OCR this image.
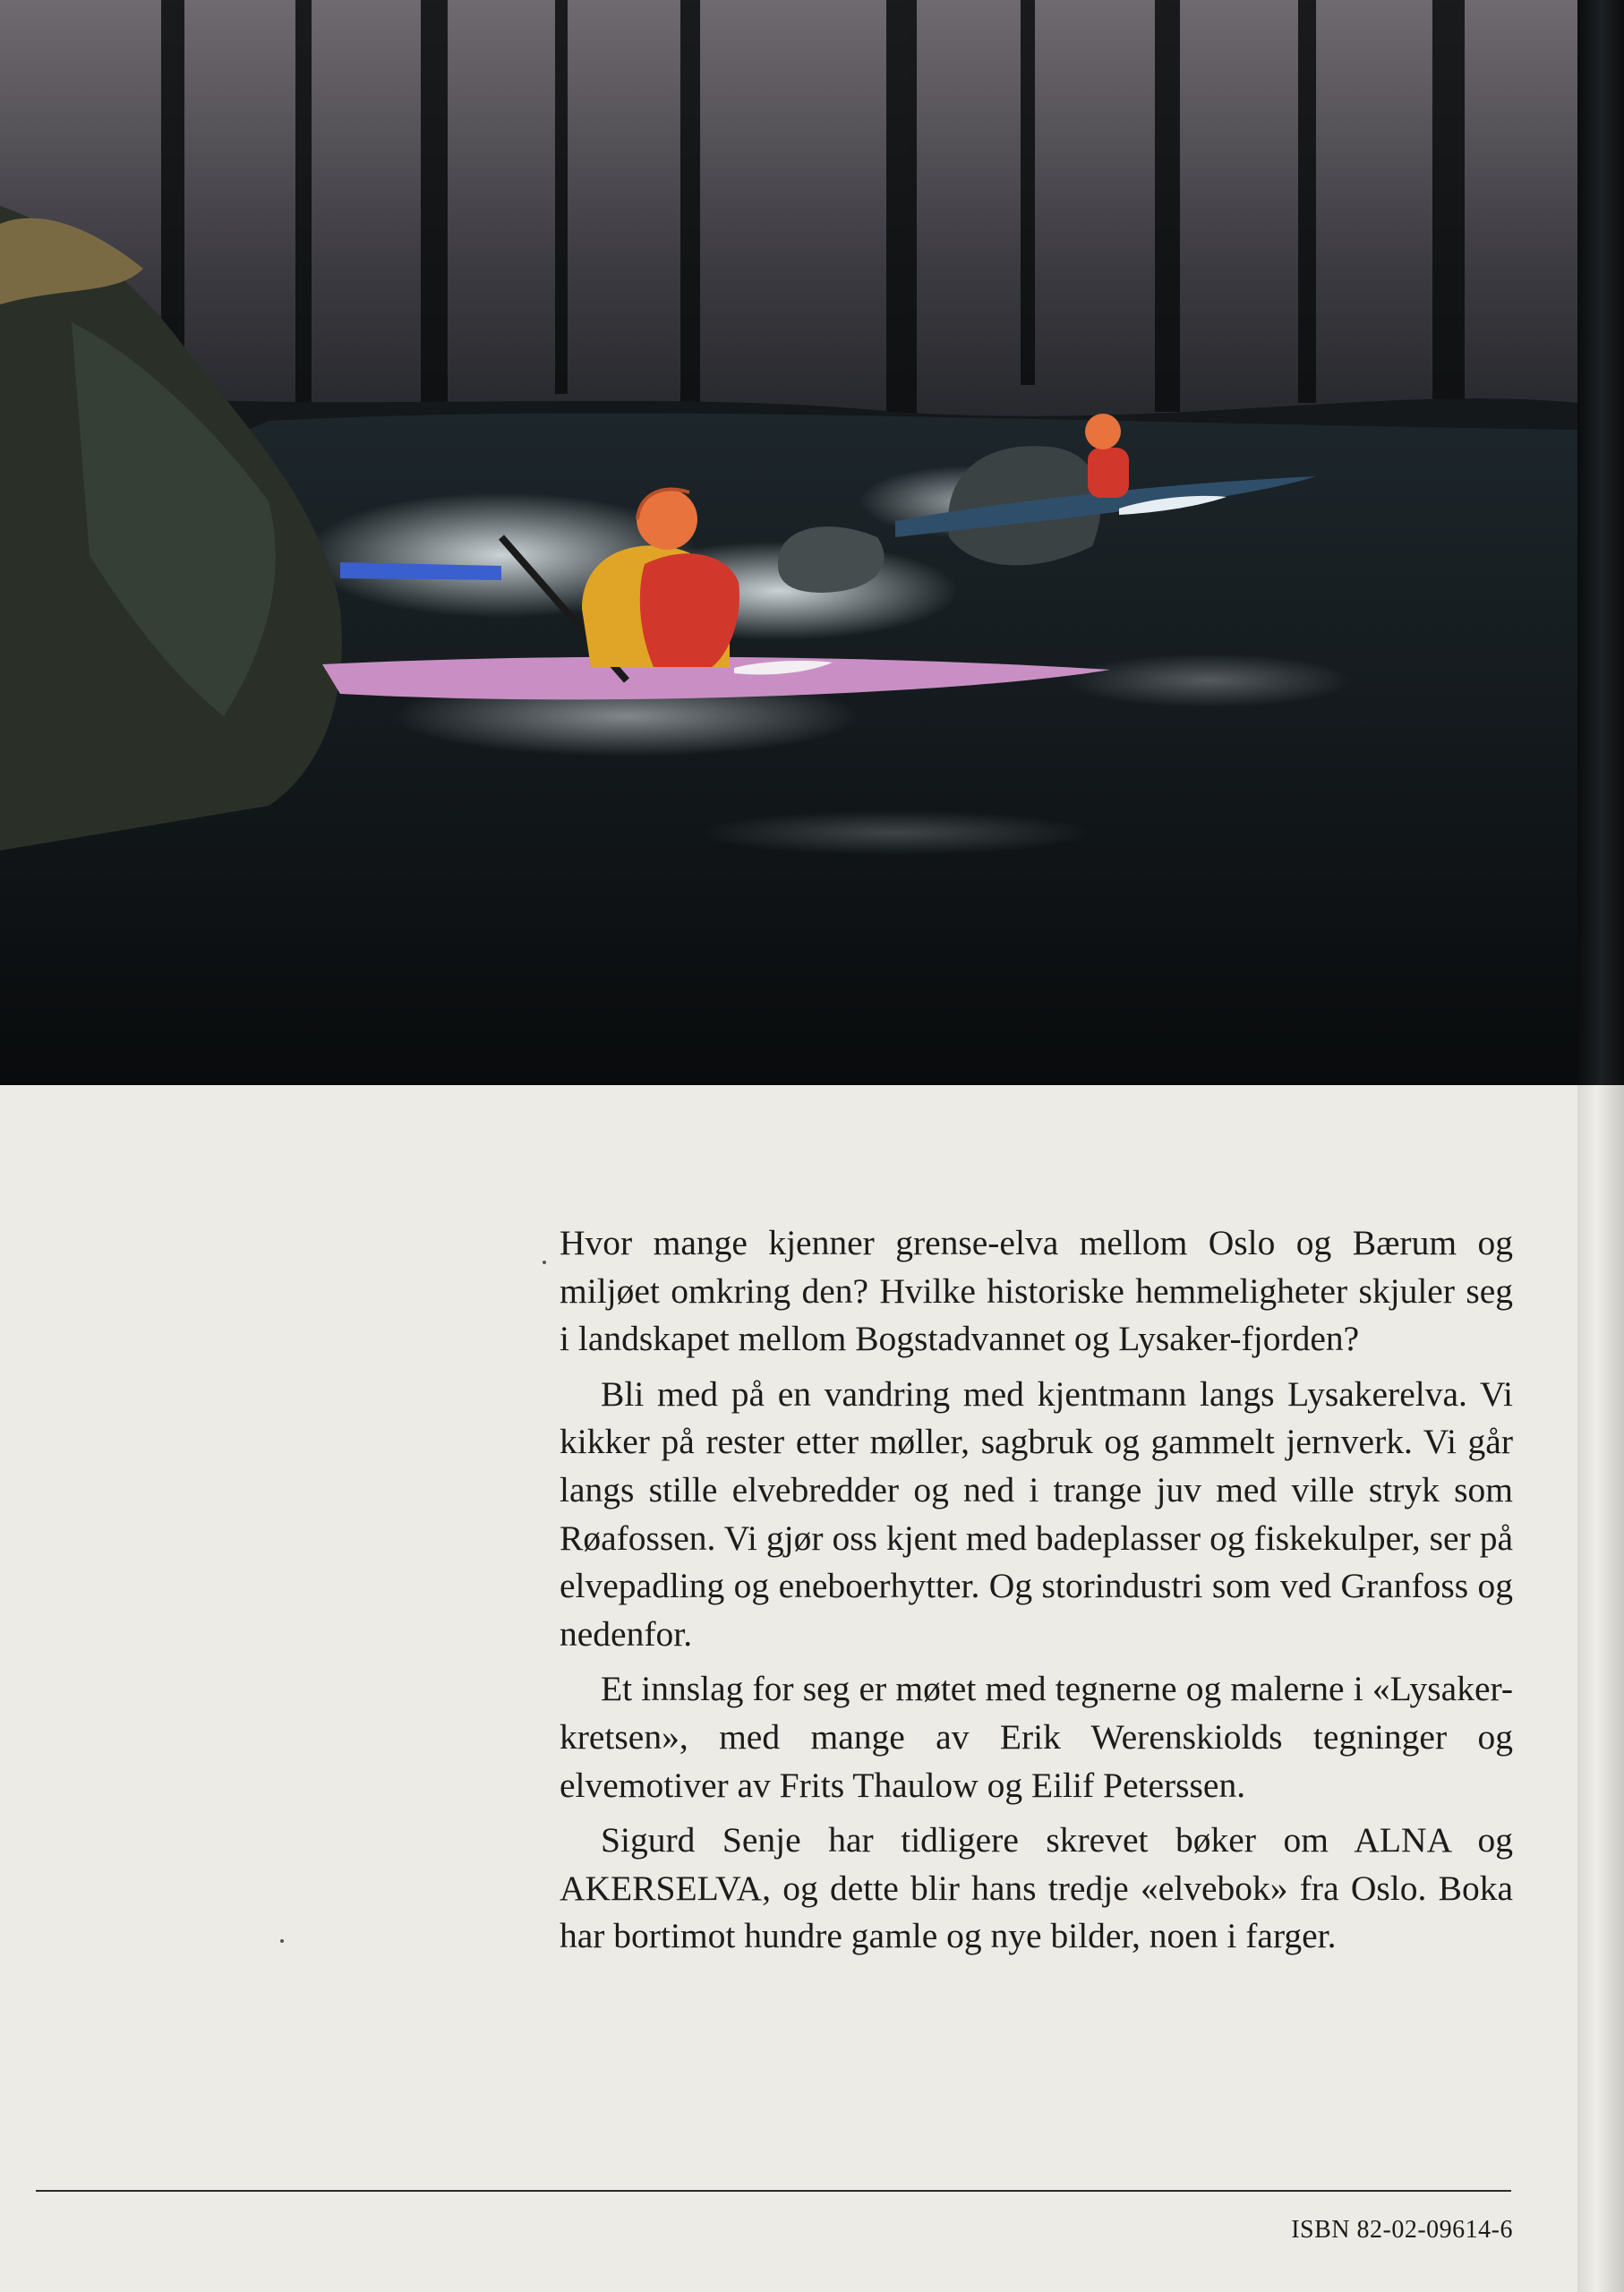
Hvor mange kjenner grense-elva mellom Oslo og Bærum og miljøet omkring den? Hvilke historiske hemmeligheter skjuler seg i landskapet mellom Bogstadvannet og Lysaker-fjorden?

Bli med på en vandring med kjentmann langs Lysakerelva. Vi kikker på rester etter møller, sagbruk og gammelt jernverk. Vi går langs stille elvebredder og ned i trange juv med ville stryk som Røafossen. Vi gjør oss kjent med badeplasser og fiskekulper, ser på elvepadling og eneboerhytter. Og storindustri som ved Granfoss og nedenfor.

Et innslag for seg er møtet med tegnerne og malerne i «Lysaker-kretsen», med mange av Erik Werenskiolds tegninger og elvemotiver av Frits Thaulow og Eilif Peterssen.

Sigurd Senje har tidligere skrevet bøker om ALNA og AKERSELVA, og dette blir hans tredje «elvebok» fra Oslo. Boka har bortimot hundre gamle og nye bilder, noen i farger.

ISBN 82-02-09614-6
